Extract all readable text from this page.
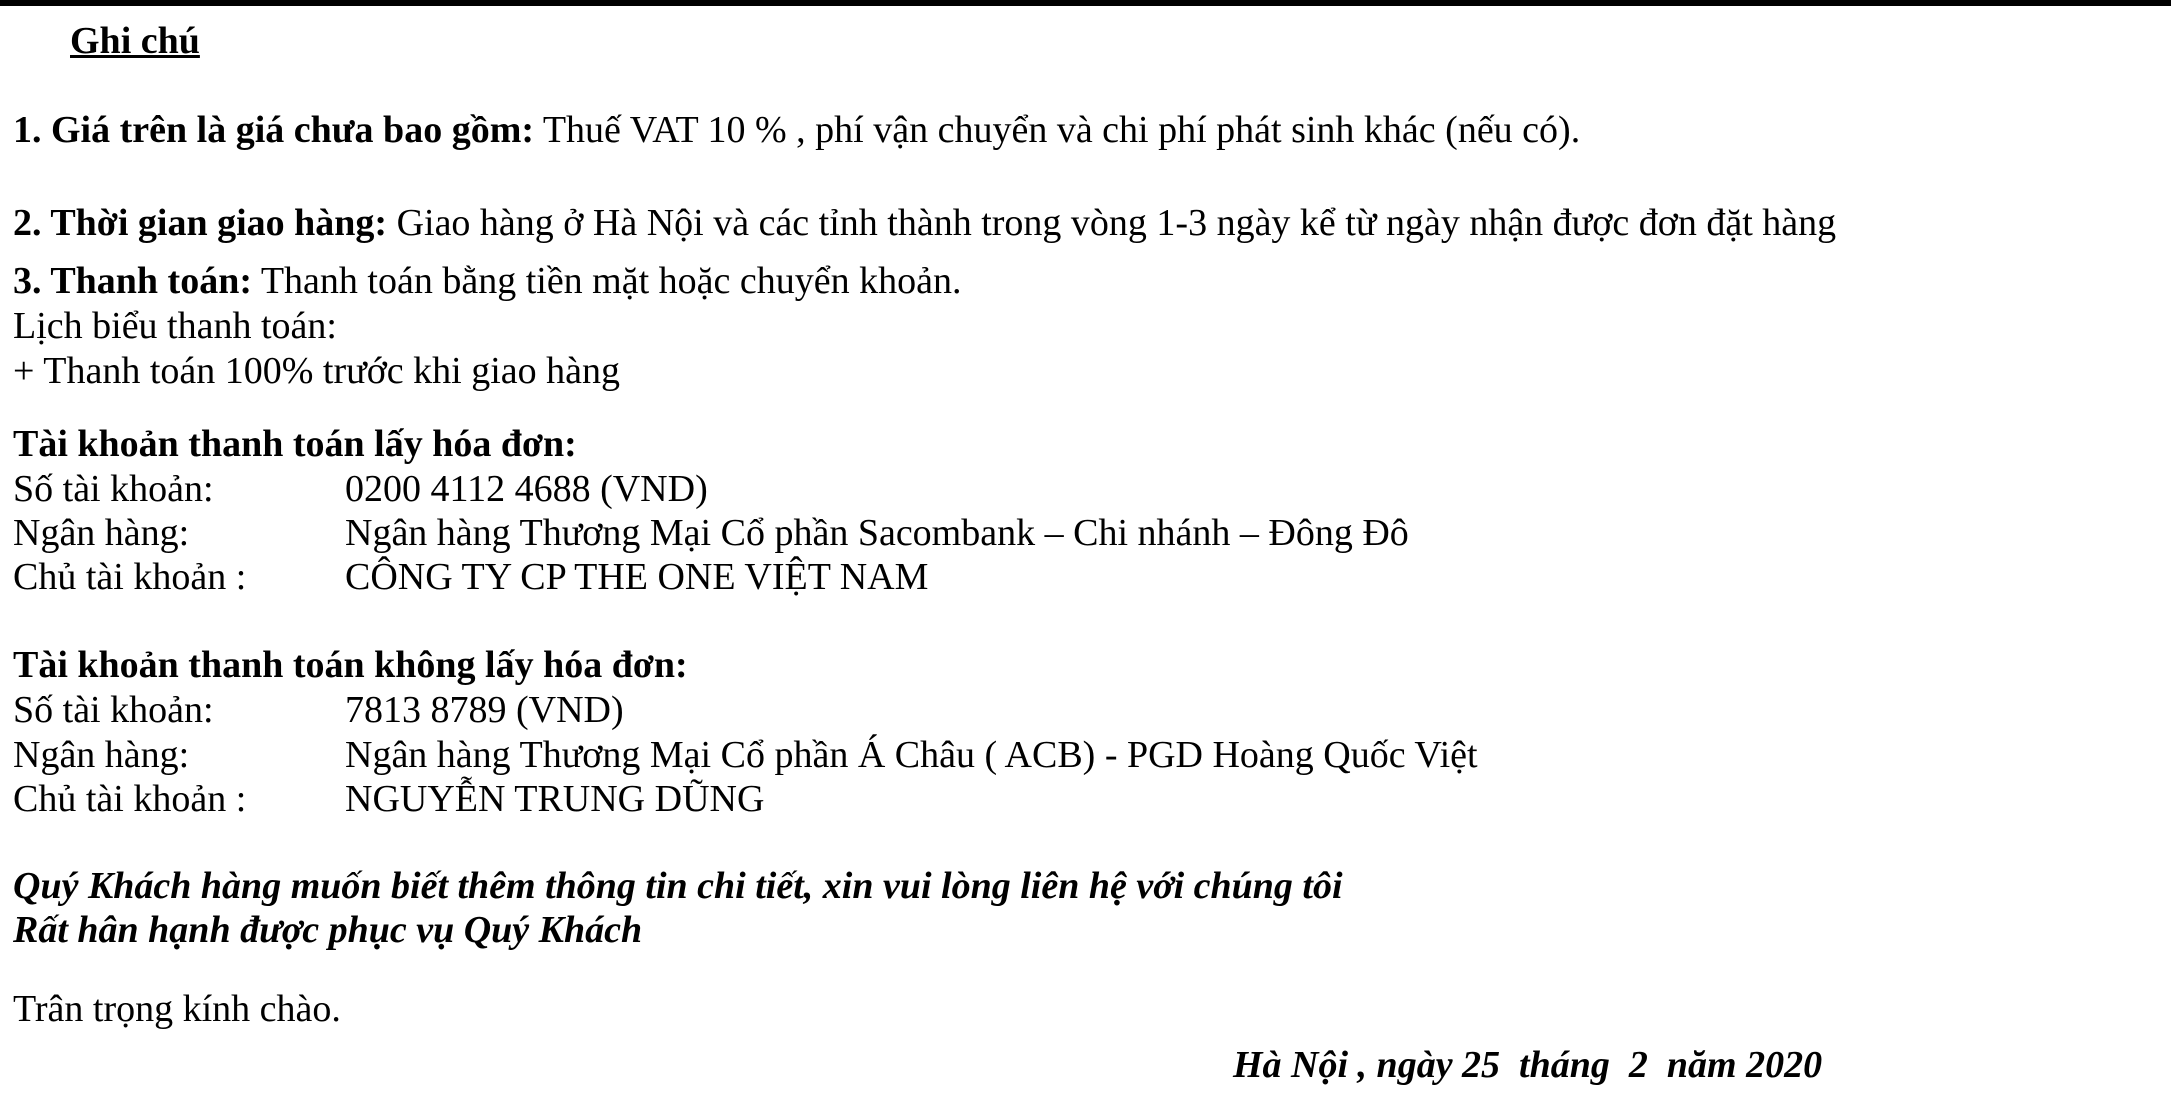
Ghi chú
1. Giá trên là giá chưa bao gồm: Thuế VAT 10 % , phí vận chuyển và chi phí phát sinh khác (nếu có).
2. Thời gian giao hàng: Giao hàng ở Hà Nội và các tỉnh thành trong vòng 1-3 ngày kể từ ngày nhận được đơn đặt hàng
3. Thanh toán: Thanh toán bằng tiền mặt hoặc chuyển khoản.
Lịch biểu thanh toán:
+ Thanh toán 100% trước khi giao hàng
Tài khoản thanh toán lấy hóa đơn:
Số tài khoản:	0200 4112 4688 (VND)
Ngân hàng:	Ngân hàng Thương Mại Cổ phần Sacombank – Chi nhánh – Đông Đô
Chủ tài khoản :	CÔNG TY CP THE ONE VIỆT NAM
Tài khoản thanh toán không lấy hóa đơn:
Số tài khoản:	7813 8789 (VND)
Ngân hàng:	Ngân hàng Thương Mại Cổ phần Á Châu ( ACB) - PGD Hoàng Quốc Việt
Chủ tài khoản :	NGUYỄN TRUNG DŨNG
Quý Khách hàng muốn biết thêm thông tin chi tiết, xin vui lòng liên hệ với chúng tôi
Rất hân hạnh được phục vụ Quý Khách
Trân trọng kính chào.
Hà Nội , ngày 25  tháng  2  năm 2020
